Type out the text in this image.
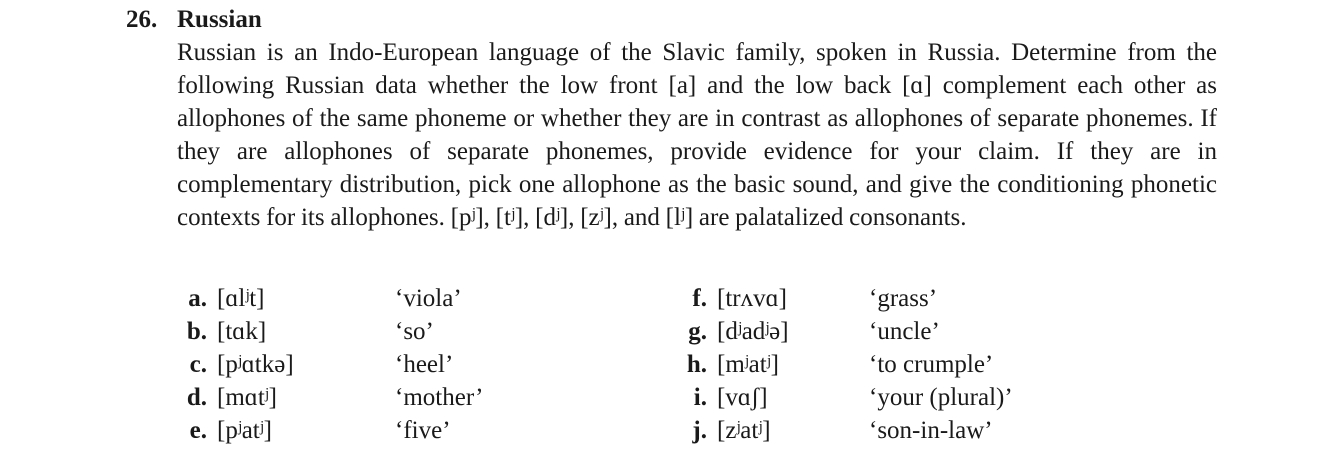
26. Russian

Russian is an Indo-European language of the Slavic family, spoken in Russia. Determine from the following Russian data whether the low front [a] and the low back [ɑ] complement each other as allophones of the same phoneme or whether they are in contrast as allophones of separate phonemes. If they are allophones of separate phonemes, provide evidence for your claim. If they are in complementary distribution, pick one allophone as the basic sound, and give the conditioning phonetic contexts for its allophones. [pʲ], [tʲ], [dʲ], [zʲ], and [lʲ] are palatalized consonants.

a. [ɑlʲt]	‘viola’
b. [tɑk]	‘so’
c. [pʲɑtkə]	‘heel’
d. [mɑtʲ]	‘mother’
e. [pʲatʲ]	‘five’
f. [trʌvɑ]	‘grass’
g. [dʲadʲə]	‘uncle’
h. [mʲatʲ]	‘to crumple’
i. [vɑʃ]	‘your (plural)’
j. [zʲatʲ]	‘son-in-law’
